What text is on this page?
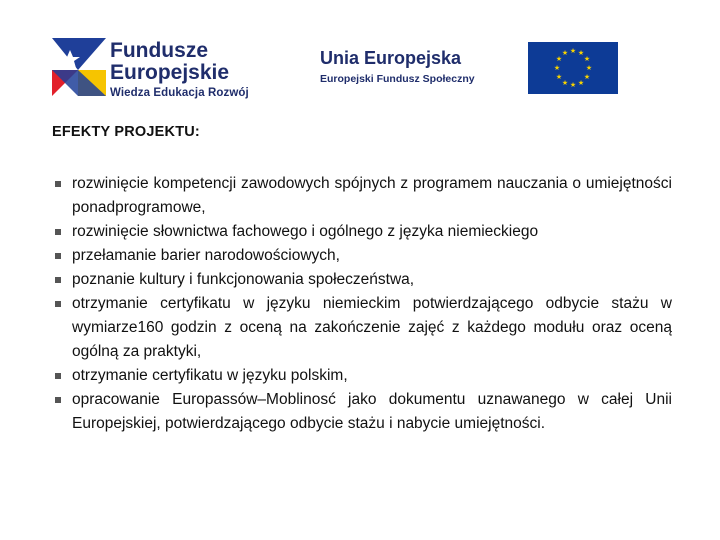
Fundusze
Europejskie
Wiedza Edukacja Rozwój
Unia Europejska
Europejski Fundusz Społeczny
★ ★
★
★
★
★
★
★
★
★
★
★
EFEKTY PROJEKTU:
rozwinięcie kompetencji zawodowych spójnych z programem nauczania o umiejętności ponadprogramowe,
rozwinięcie słownictwa fachowego i ogólnego z języka niemieckiego
przełamanie barier narodowościowych,
poznanie kultury i funkcjonowania społeczeństwa,
otrzymanie certyfikatu w języku niemieckim potwierdzającego odbycie stażu w wymiarze160 godzin z oceną na zakończenie zajęć z każdego modułu oraz oceną ogólną za praktyki,
otrzymanie certyfikatu w języku polskim,
opracowanie Europassów–Moblinosć jako dokumentu uznawanego w całej Unii Europejskiej, potwierdzającego odbycie stażu i nabycie umiejętności.
